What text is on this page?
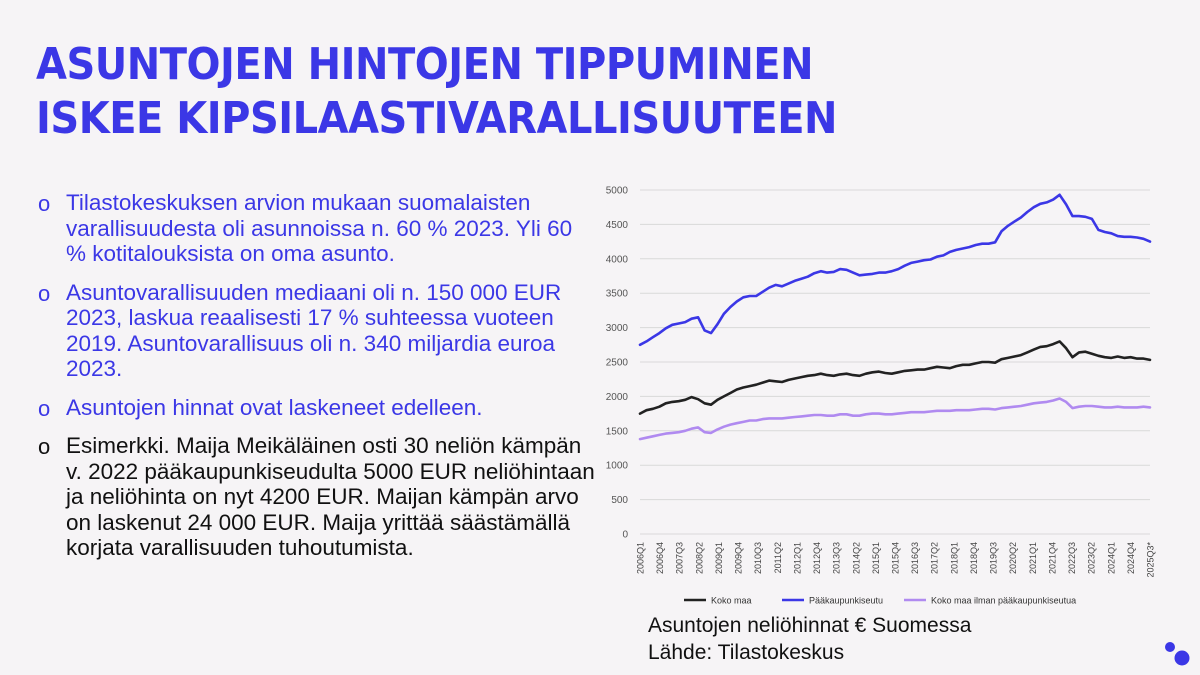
ASUNTOJEN HINTOJEN TIPPUMINEN
ISKEE KIPSILAASTIVARALLISUUTEEN
o Tilastokeskuksen arvion mukaan suomalaisten varallisuudesta oli asunnoissa n. 60 % 2023. Yli 60 % kotitalouksista on oma asunto.
o Asuntovarallisuuden mediaani oli n. 150 000 EUR 2023, laskua reaalisesti 17 % suhteessa vuoteen 2019. Asuntovarallisuus oli n. 340 miljardia euroa 2023.
o Asuntojen hinnat ovat laskeneet edelleen.
o Esimerkki. Maija Meikäläinen osti 30 neliön kämpän v. 2022 pääkaupunkiseudulta 5000 EUR neliöhintaan ja neliöhinta on nyt 4200 EUR. Maijan kämpän arvo on laskenut 24 000 EUR. Maija yrittää säästämällä korjata varallisuuden tuhoutumista.	0
500
1000
1500
2000
2500
3000
3500
4000
4500
5000
2006Q1 2006Q4 2007Q3 2008Q2 2009Q1 2009Q4 2010Q3 2011Q2 2012Q1 2012Q4 2013Q3 2014Q2 2015Q1 2015Q4 2016Q3 2017Q2 2018Q1 2018Q4 2019Q3 2020Q2 2021Q1 2021Q4 2022Q3 2023Q2 2024Q1 2024Q4 2025Q3*
Koko maa	Pääkaupunkiseutu	Koko maa ilman pääkaupunkiseutua
Asuntojen neliöhinnat € Suomessa
Lähde: Tilastokeskus
